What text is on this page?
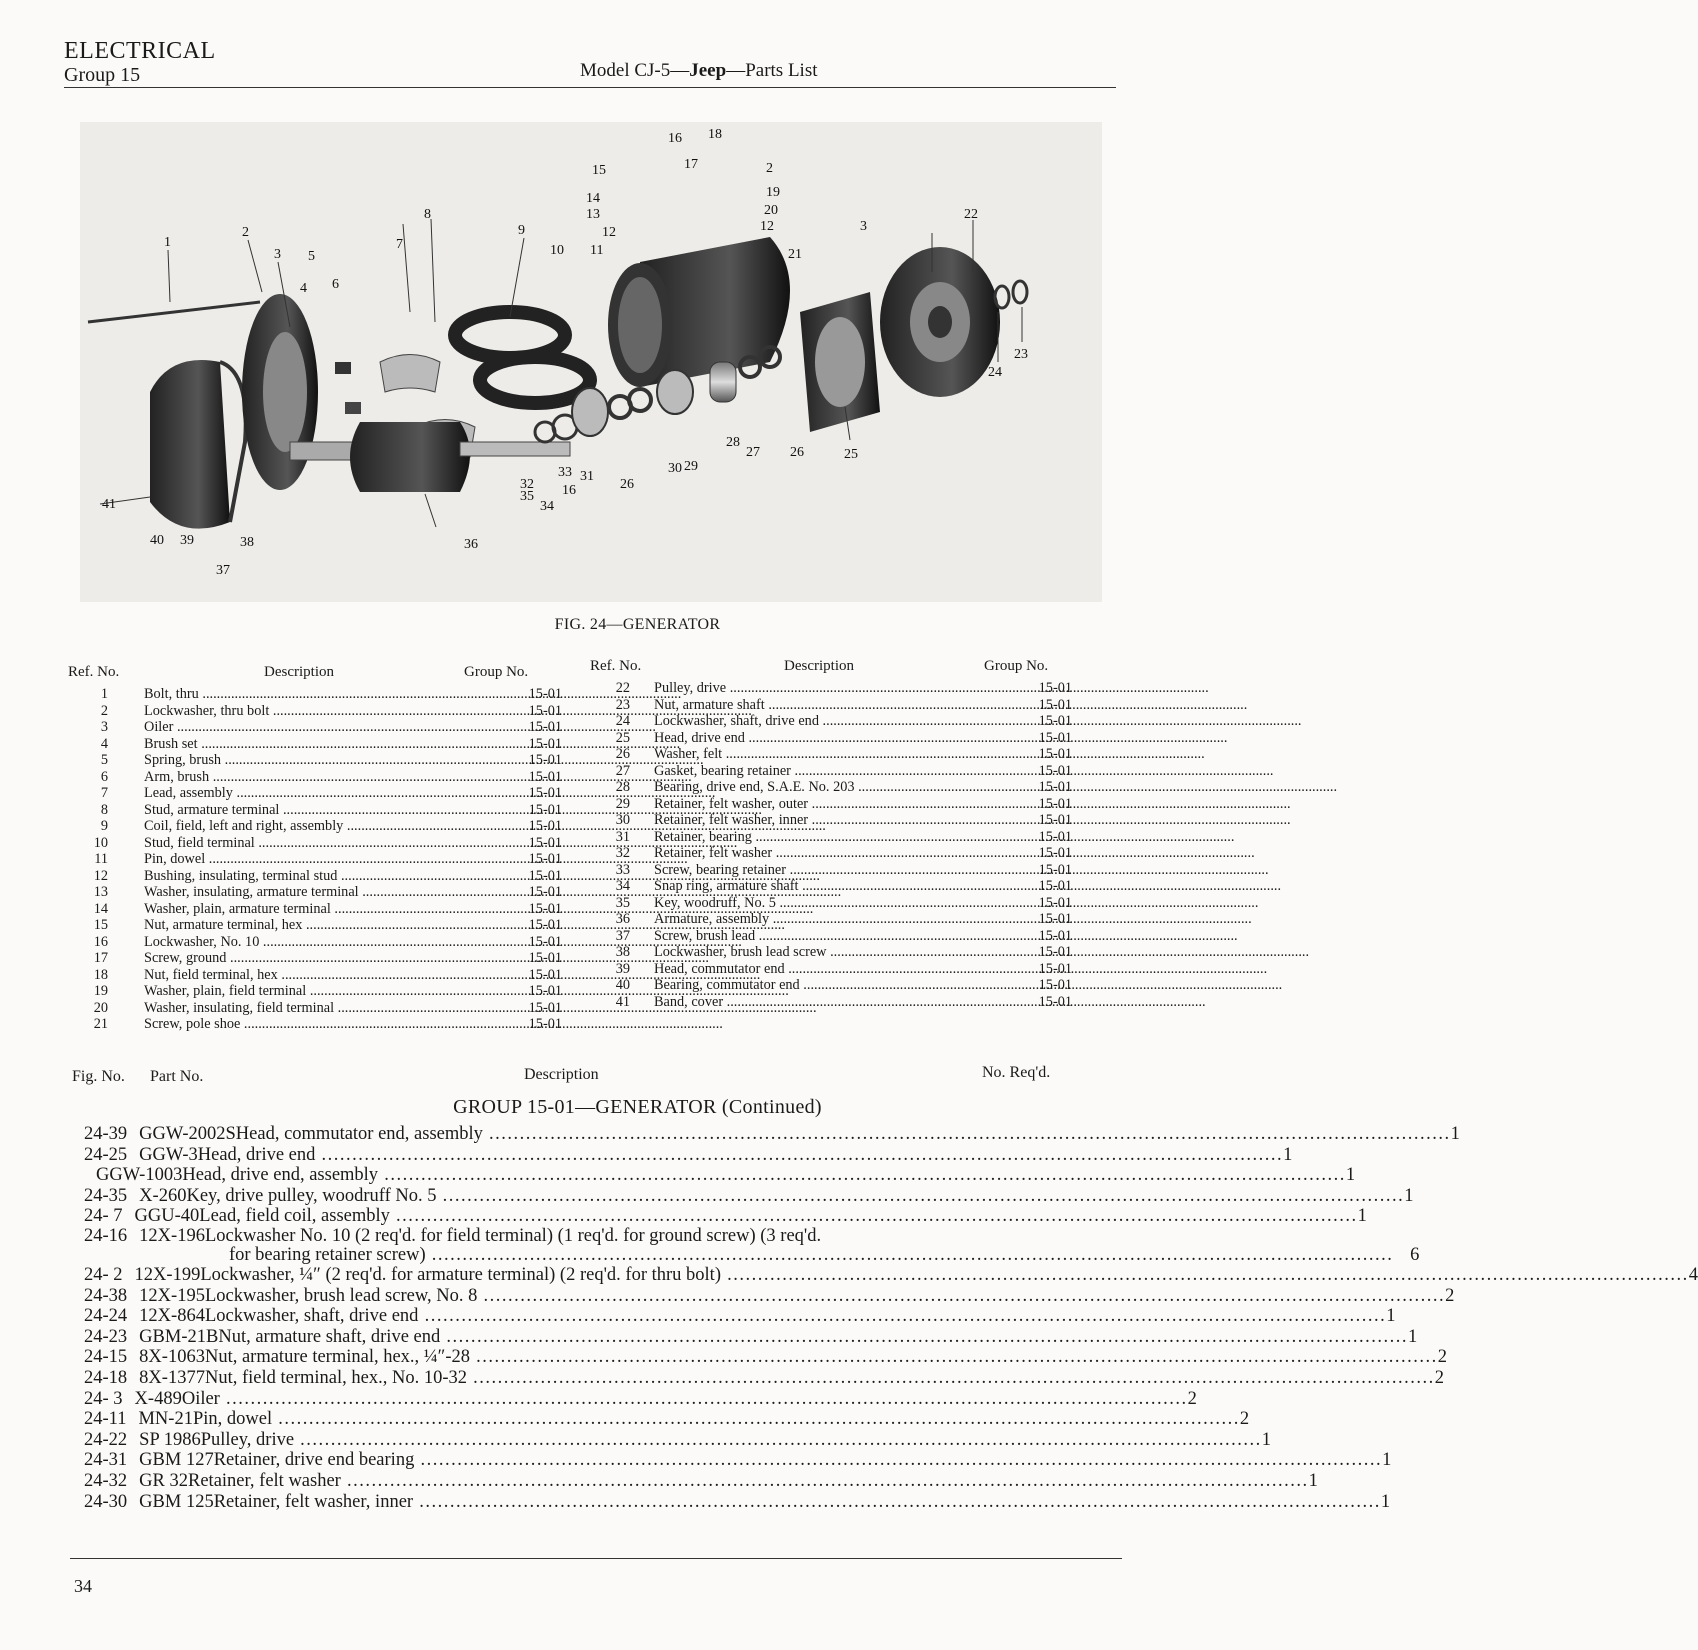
ELECTRICAL
Group 15	Model CJ-5—Jeep—Parts List
1
2
3
4
5
6
7
8
9
10 11
12
13
14
15
16
17
18
2
19
20
12
21
3
22
23
24
25
26
27
28
29
30
26
31
16
33
32
34
35
36
37
38
39
40
41
FIG. 24—GENERATOR
Ref. No.	Description	Group No.	Ref. No.	Description	Group No.
1	Bolt, thru .....	15-01
2	Lockwasher, thru bolt .....	15-01
3	Oiler .....	15-01
4	Brush set .....	15-01
5	Spring, brush .....	15-01
6	Arm, brush .....	15-01
7	Lead, assembly .....	15-01
8	Stud, armature terminal .....	15-01
9	Coil, field, left and right, assembly .....	15-01
10	Stud, field terminal .....	15-01
11	Pin, dowel .....	15-01
12	Bushing, insulating, terminal stud .....	15-01
13	Washer, insulating, armature terminal .....	15-01
14	Washer, plain, armature terminal .....	15-01
15	Nut, armature terminal, hex .....	15-01
16	Lockwasher, No. 10 .....	15-01
17	Screw, ground .....	15-01
18	Nut, field terminal, hex .....	15-01
19	Washer, plain, field terminal .....	15-01
20	Washer, insulating, field terminal .....	15-01
21	Screw, pole shoe .....	15-01
22 Pulley, drive .....	15-01
23 Nut, armature shaft .....	15-01
24 Lockwasher, shaft, drive end .....	15-01
25 Head, drive end .....	15-01
26 Washer, felt .....	15-01
27 Gasket, bearing retainer .....	15-01
28 Bearing, drive end, S.A.E. No. 203 .....	15-01
29 Retainer, felt washer, outer .....	15-01
30 Retainer, felt washer, inner .....	15-01
31 Retainer, bearing .....	15-01
32 Retainer, felt washer .....	15-01
33 Screw, bearing retainer .....	15-01
34 Snap ring, armature shaft .....	15-01
35 Key, woodruff, No. 5 .....	15-01
36 Armature, assembly .....	15-01
37 Screw, brush lead .....	15-01
38 Lockwasher, brush lead screw .....	15-01
39 Head, commutator end .....	15-01
40 Bearing, commutator end .....	15-01
41 Band, cover .....	15-01
Fig. No. Part No.	Description	No. Req'd.
GROUP 15-01—GENERATOR (Continued)
24-39 GGW-2002S Head, commutator end, assembly .....	1
24-25 GGW-3 Head, drive end .....	1
GGW-1003 Head, drive end, assembly .....	1
24-35 X-260 Key, drive pulley, woodruff No. 5 .....	1
24- 7 GGU-40 Lead, field coil, assembly .....	1
24-16 12X-196 Lockwasher No. 10 (2 req'd. for field terminal) (1 req'd. for ground screw) (3 req'd.
for bearing retainer screw) .....	6
24- 2 12X-199 Lockwasher, ¼″ (2 req'd. for armature terminal) (2 req'd. for thru bolt) .....	4
24-38 12X-195 Lockwasher, brush lead screw, No. 8 .....	2
24-24 12X-864 Lockwasher, shaft, drive end .....	1
24-23 GBM-21B Nut, armature shaft, drive end .....	1
24-15 8X-1063 Nut, armature terminal, hex., ¼″-28 .....	2
24-18 8X-1377 Nut, field terminal, hex., No. 10-32 .....	2
24- 3 X-489 Oiler .....	2
24-11 MN-21 Pin, dowel .....	2
24-22 SP 1986 Pulley, drive .....	1
24-31 GBM 127 Retainer, drive end bearing .....	1
24-32 GR 32 Retainer, felt washer .....	1
24-30 GBM 125 Retainer, felt washer, inner .....	1
34
